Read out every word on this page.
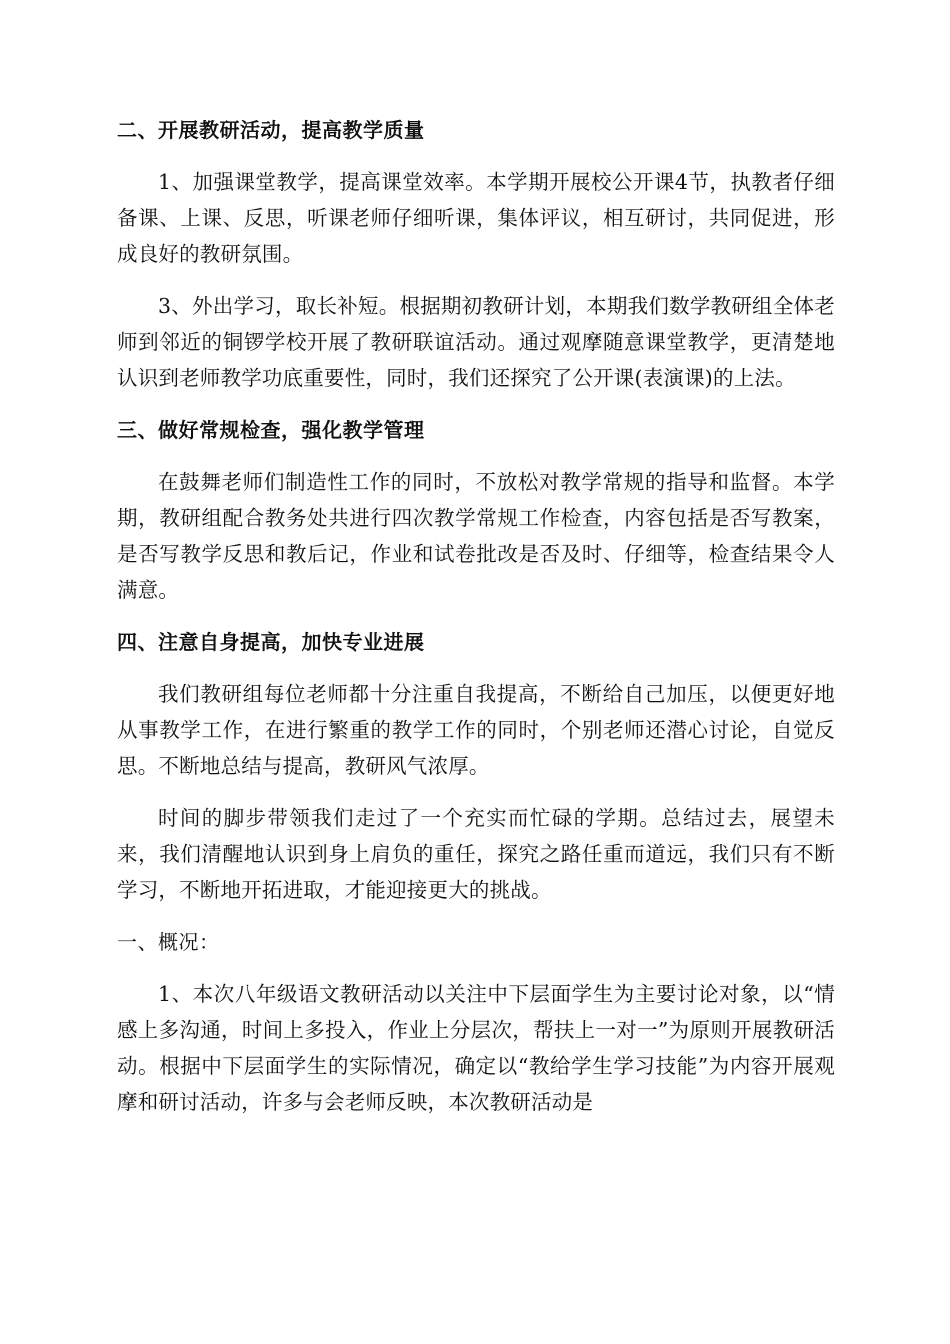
二、开展教研活动，提高教学质量

1、加强课堂教学，提高课堂效率。本学期开展校公开课4节，执教者仔细备课、上课、反思，听课老师仔细听课，集体评议，相互研讨，共同促进，形成良好的教研氛围。

3、外出学习，取长补短。根据期初教研计划，本期我们数学教研组全体老师到邻近的铜锣学校开展了教研联谊活动。通过观摩随意课堂教学，更清楚地认识到老师教学功底重要性，同时，我们还探究了公开课(表演课)的上法。

三、做好常规检查，强化教学管理

在鼓舞老师们制造性工作的同时，不放松对教学常规的指导和监督。本学期，教研组配合教务处共进行四次教学常规工作检查，内容包括是否写教案，是否写教学反思和教后记，作业和试卷批改是否及时、仔细等，检查结果令人满意。

四、注意自身提高，加快专业进展

我们教研组每位老师都十分注重自我提高，不断给自己加压，以便更好地从事教学工作，在进行繁重的教学工作的同时，个别老师还潜心讨论，自觉反思。不断地总结与提高，教研风气浓厚。

时间的脚步带领我们走过了一个充实而忙碌的学期。总结过去，展望未来，我们清醒地认识到身上肩负的重任，探究之路任重而道远，我们只有不断学习，不断地开拓进取，才能迎接更大的挑战。

一、概况：

1、本次八年级语文教研活动以关注中下层面学生为主要讨论对象，以“情感上多沟通，时间上多投入，作业上分层次，帮扶上一对一”为原则开展教研活动。根据中下层面学生的实际情况，确定以“教给学生学习技能”为内容开展观摩和研讨活动，许多与会老师反映，本次教研活动是
